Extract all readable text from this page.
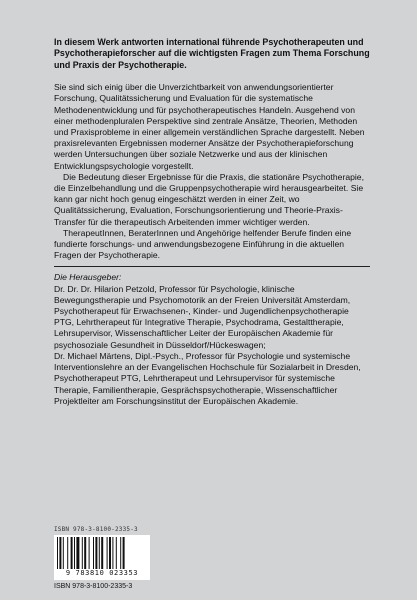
In diesem Werk antworten international führende Psychotherapeuten und Psychotherapieforscher auf die wichtigsten Fragen zum Thema Forschung und Praxis der Psychotherapie.

Sie sind sich einig über die Unverzichtbarkeit von anwendungsorientierter Forschung, Qualitätssicherung und Evaluation für die systematische Methodenentwicklung und für psychotherapeutisches Handeln. Ausgehend von einer methodenpluralen Perspektive sind zentrale Ansätze, Theorien, Methoden und Praxisprobleme in einer allgemein verständlichen Sprache dargestellt. Neben praxisrelevanten Ergebnissen moderner Ansätze der Psychotherapieforschung werden Untersuchungen über soziale Netzwerke und aus der klinischen Entwicklungspsychologie vorgestellt.

Die Bedeutung dieser Ergebnisse für die Praxis, die stationäre Psychotherapie, die Einzelbehandlung und die Gruppenpsychotherapie wird herausgearbeitet. Sie kann gar nicht hoch genug eingeschätzt werden in einer Zeit, wo Qualitätssicherung, Evaluation, Forschungsorientierung und Theorie-Praxis-Transfer für die therapeutisch Arbeitenden immer wichtiger werden.

TherapeutInnen, BeraterInnen und Angehörige helfender Berufe finden eine fundierte forschungs- und anwendungsbezogene Einführung in die aktuellen Fragen der Psychotherapie.

Die Herausgeber:

Dr. Dr. Dr. Hilarion Petzold, Professor für Psychologie, klinische Bewegungstherapie und Psychomotorik an der Freien Universität Amsterdam, Psychotherapeut für Erwachsenen-, Kinder- und Jugendlichenpsychotherapie PTG, Lehrtherapeut für Integrative Therapie, Psychodrama, Gestalttherapie, Lehrsupervisor, Wissenschaftlicher Leiter der Europäischen Akademie für psychosoziale Gesundheit in Düsseldorf/Hückeswagen;

Dr. Michael Märtens, Dipl.-Psych., Professor für Psychologie und systemische Interventionslehre an der Evangelischen Hochschule für Sozialarbeit in Dresden, Psychotherapeut PTG, Lehrtherapeut und Lehrsupervisor für systemische Therapie, Familientherapie, Gesprächspsychotherapie, Wissenschaftlicher Projektleiter am Forschungsinstitut der Europäischen Akademie.

ISBN 978-3-8100-2335-3

9 783810 023353

ISBN 978-3-8100-2335-3
